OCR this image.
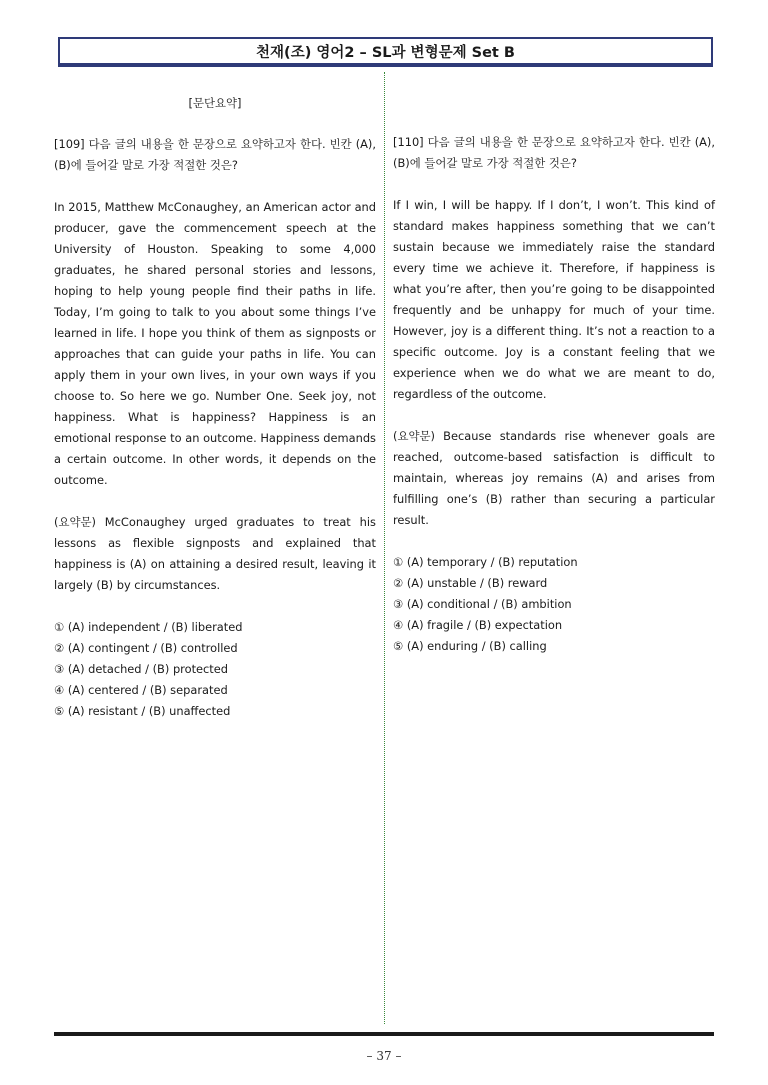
천재(조) 영어2 – SL과 변형문제 Set B
[문단요약]

[109] 다음 글의 내용을 한 문장으로 요약하고자 한다. 빈칸 (A), (B)에 들어갈 말로 가장 적절한 것은?

In 2015, Matthew McConaughey, an American actor and producer, gave the commencement speech at the University of Houston. Speaking to some 4,000 graduates, he shared personal stories and lessons, hoping to help young people find their paths in life. Today, I’m going to talk to you about some things I’ve learned in life. I hope you think of them as signposts or approaches that can guide your paths in life. You can apply them in your own lives, in your own ways if you choose to. So here we go. Number One. Seek joy, not happiness. What is happiness? Happiness is an emotional response to an outcome. Happiness demands a certain outcome. In other words, it depends on the outcome.

(요약문) McConaughey urged graduates to treat his lessons as flexible signposts and explained that happiness is (A) on attaining a desired result, leaving it largely (B) by circumstances.

① (A) independent / (B) liberated
② (A) contingent / (B) controlled
③ (A) detached / (B) protected
④ (A) centered / (B) separated
⑤ (A) resistant / (B) unaffected

[110] 다음 글의 내용을 한 문장으로 요약하고자 한다. 빈칸 (A), (B)에 들어갈 말로 가장 적절한 것은?

If I win, I will be happy. If I don’t, I won’t. This kind of standard makes happiness something that we can’t sustain because we immediately raise the standard every time we achieve it. Therefore, if happiness is what you’re after, then you’re going to be disappointed frequently and be unhappy for much of your time. However, joy is a different thing. It’s not a reaction to a specific outcome. Joy is a constant feeling that we experience when we do what we are meant to do, regardless of the outcome.

(요약문) Because standards rise whenever goals are reached, outcome-based satisfaction is difficult to maintain, whereas joy remains (A) and arises from fulfilling one’s (B) rather than securing a particular result.

① (A) temporary / (B) reputation
② (A) unstable / (B) reward
③ (A) conditional / (B) ambition
④ (A) fragile / (B) expectation
⑤ (A) enduring / (B) calling
– 37 –
